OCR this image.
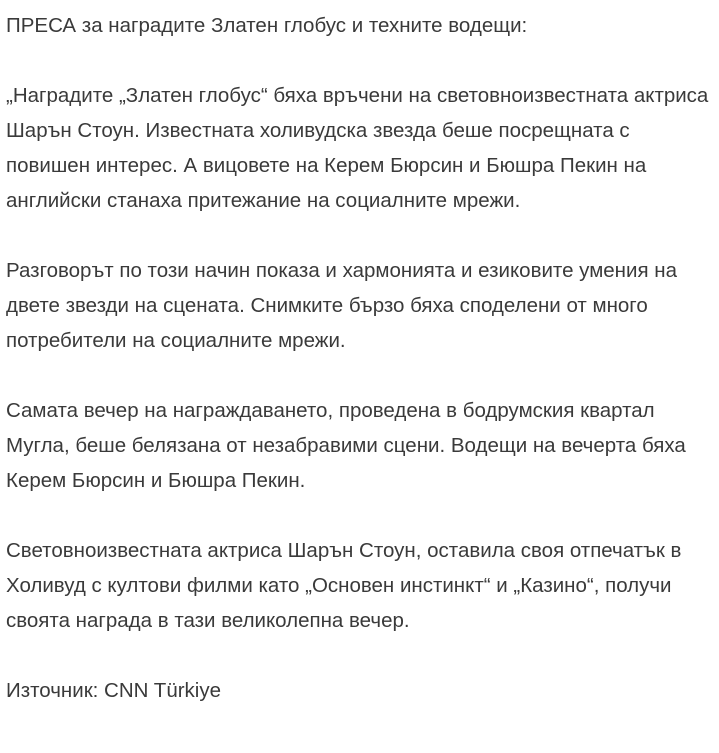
ПРЕСА за наградите Златен глобус и техните водещи:

„Наградите „Златен глобус“ бяха връчени на световноизвестната актриса Шарън Стоун. Известната холивудска звезда беше посрещната с повишен интерес. А вицовете на Керем Бюрсин и Бюшра Пекин на английски станаха притежание на социалните мрежи.

Разговорът по този начин показа и хармонията и езиковите умения на двете звезди на сцената. Снимките бързо бяха споделени от много потребители на социалните мрежи.

Самата вечер на награждаването, проведена в бодрумския квартал Мугла, беше белязана от незабравими сцени. Водещи на вечерта бяха Керем Бюрсин и Бюшра Пекин.

Световноизвестната актриса Шарън Стоун, оставила своя отпечатък в Холивуд с култови филми като „Основен инстинкт“ и „Казино“, получи своята награда в тази великолепна вечер.

Източник: CNN Türkiye
